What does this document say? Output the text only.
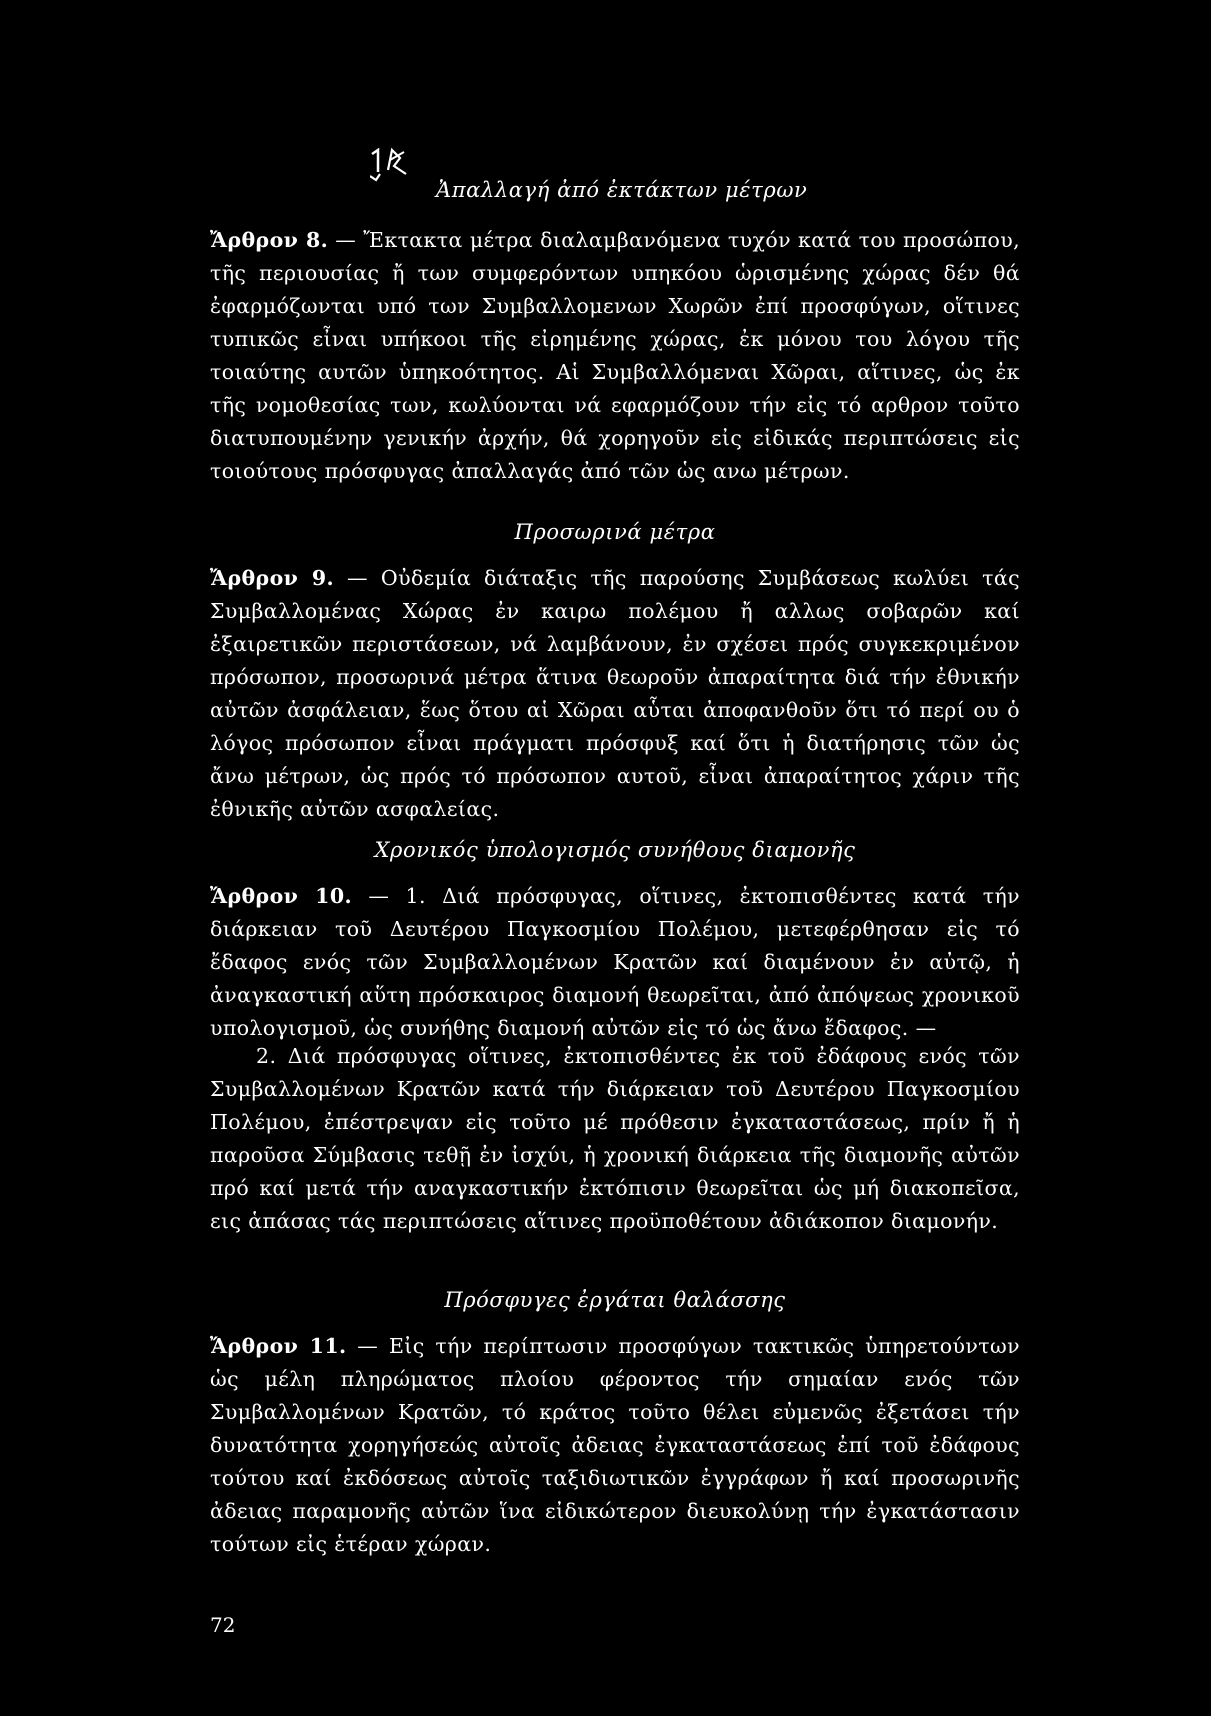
Ἀπαλλαγή ἀπό ἐκτάκτων μέτρων

Ἄρθρον 8. — Ἔκτακτα μέτρα διαλαμβανόμενα τυχόν κατά του προσώπου, τῆς περιουσίας ἤ των συμφερόντων υπηκόου ὡρισμένης χώρας δέν θά ἐφαρμόζωνται υπό των Συμβαλλομενων Χωρῶν ἐπί προσφύγων, οἵτινες τυπικῶς εἶναι υπήκοοι τῆς εἰρημένης χώρας, ἐκ μόνου του λόγου τῆς τοιαύτης αυτῶν ὑπηκοότητος. Αἱ Συμβαλλόμεναι Χῶραι, αἵτινες, ὡς ἐκ τῆς νομοθεσίας των, κωλύονται νά εφαρμόζουν τήν εἰς τό αρθρον τοῦτο διατυπουμένην γενικήν ἀρχήν, θά χορηγοῦν εἰς εἰδικάς περιπτώσεις εἰς τοιούτους πρόσφυγας ἀπαλλαγάς ἀπό τῶν ὡς ανω μέτρων.

Προσωρινά μέτρα

Ἄρθρον 9. — Οὐδεμία διάταξις τῆς παρούσης Συμβάσεως κωλύει τάς Συμβαλλομένας Χώρας ἐν καιρω πολέμου ἤ αλλως σοβαρῶν καί ἐξαιρετικῶν περιστάσεων, νά λαμβάνουν, ἐν σχέσει πρός συγκεκριμένον πρόσωπον, προσωρινά μέτρα ἅτινα θεωροῦν ἀπαραίτητα διά τήν ἐθνικήν αὐτῶν ἀσφάλειαν, ἕως ὅτου αἱ Χῶραι αὗται ἀποφανθοῦν ὅτι τό περί ου ὁ λόγος πρόσωπον εἶναι πράγματι πρόσφυξ καί ὅτι ἡ διατήρησις τῶν ὡς ἄνω μέτρων, ὡς πρός τό πρόσωπον αυτοῦ, εἶναι ἀπαραίτητος χάριν τῆς ἐθνικῆς αὐτῶν ασφαλείας.

Χρονικός ὑπολογισμός συνήθους διαμονῆς

Ἄρθρον 10. — 1. Διά πρόσφυγας, οἵτινες, ἐκτοπισθέντες κατά τήν διάρκειαν τοῦ Δευτέρου Παγκοσμίου Πολέμου, μετεφέρθησαν εἰς τό ἔδαφος ενός τῶν Συμβαλλομένων Κρατῶν καί διαμένουν ἐν αὐτῷ, ἡ ἀναγκαστική αὕτη πρόσκαιρος διαμονή θεωρεῖται, ἀπό ἀπόψεως χρονικοῦ υπολογισμοῦ, ὡς συνήθης διαμονή αὐτῶν εἰς τό ὡς ἄνω ἔδαφος. —

2. Διά πρόσφυγας οἵτινες, ἐκτοπισθέντες ἐκ τοῦ ἐδάφους ενός τῶν Συμβαλλομένων Κρατῶν κατά τήν διάρκειαν τοῦ Δευτέρου Παγκοσμίου Πολέμου, ἐπέστρεψαν εἰς τοῦτο μέ πρόθεσιν ἐγκαταστάσεως, πρίν ἤ ἡ παροῦσα Σύμβασις τεθῇ ἐν ἰσχύι, ἡ χρονική διάρκεια τῆς διαμονῆς αὐτῶν πρό καί μετά τήν αναγκαστικήν ἐκτόπισιν θεωρεῖται ὡς μή διακοπεῖσα, εις ἁπάσας τάς περιπτώσεις αἵτινες προϋποθέτουν ἀδιάκοπον διαμονήν.

Πρόσφυγες ἐργάται θαλάσσης

Ἄρθρον 11. — Εἰς τήν περίπτωσιν προσφύγων τακτικῶς ὑπηρετούντων ὡς μέλη πληρώματος πλοίου φέροντος τήν σημαίαν ενός τῶν Συμβαλλομένων Κρατῶν, τό κράτος τοῦτο θέλει εὐμενῶς ἐξετάσει τήν δυνατότητα χορηγήσεώς αὐτοῖς ἀδειας ἐγκαταστάσεως ἐπί τοῦ ἐδάφους τούτου καί ἐκδόσεως αὐτοῖς ταξιδιωτικῶν ἐγγράφων ἤ καί προσωρινῆς ἀδειας παραμονῆς αὐτῶν ἵνα εἰδικώτερον διευκολύνῃ τήν ἐγκατάστασιν τούτων εἰς ἑτέραν χώραν.

72
